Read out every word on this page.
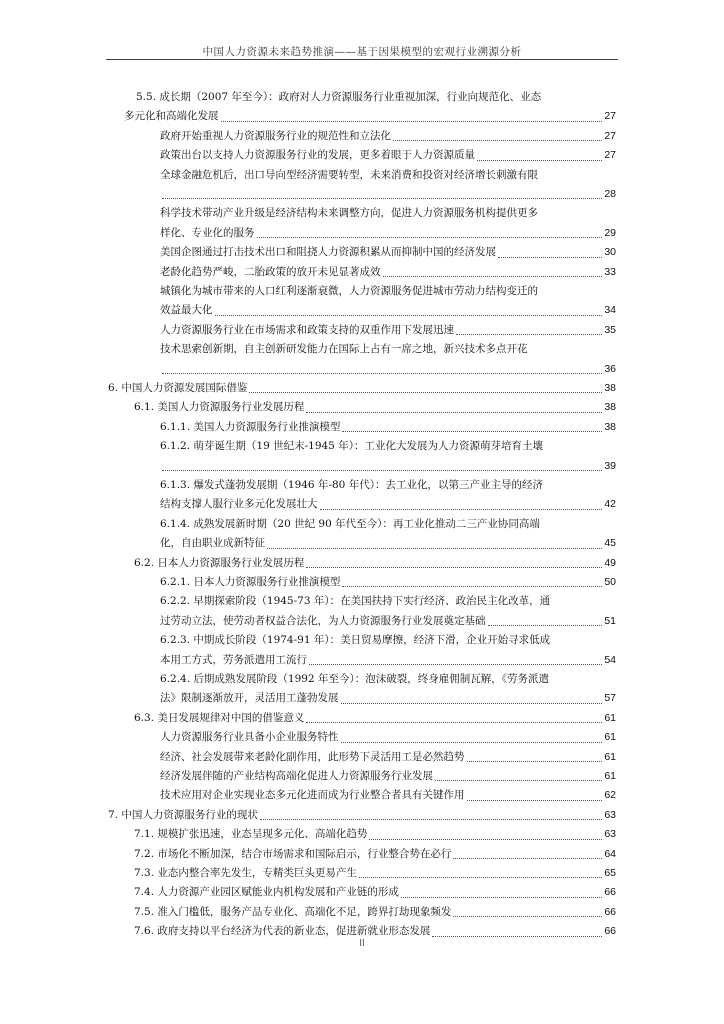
中国人力资源未来趋势推演——基于因果模型的宏观行业溯源分析
5.5. 成长期（2007 年至今）：政府对人力资源服务行业重视加深，行业向规范化、业态
多元化和高端化发展	27
政府开始重视人力资源服务行业的规范性和立法化	27
政策出台以支持人力资源服务行业的发展，更多着眼于人力资源质量	27
全球金融危机后，出口导向型经济需要转型，未来消费和投资对经济增长刺激有限
28
科学技术带动产业升级是经济结构未来调整方向，促进人力资源服务机构提供更多
样化、专业化的服务	29
美国企图通过打击技术出口和阻挠人力资源积累从而抑制中国的经济发展	30
老龄化趋势严峻，二胎政策的放开未见显著成效	33
城镇化为城市带来的人口红利逐渐衰微，人力资源服务促进城市劳动力结构变迁的
效益最大化	34
人力资源服务行业在市场需求和政策支持的双重作用下发展迅速	35
技术思索创新期，自主创新研发能力在国际上占有一席之地，新兴技术多点开花
36
6. 中国人力资源发展国际借鉴	38
6.1. 美国人力资源服务行业发展历程	38
6.1.1. 美国人力资源服务行业推演模型	38
6.1.2. 萌芽诞生期（19 世纪末-1945 年）：工业化大发展为人力资源萌芽培育土壤
39
6.1.3. 爆发式蓬勃发展期（1946 年-80 年代）：去工业化，以第三产业主导的经济
结构支撑人服行业多元化发展壮大	42
6.1.4. 成熟发展新时期（20 世纪 90 年代至今）：再工业化推动二三产业协同高端
化，自由职业成新特征	45
6.2. 日本人力资源服务行业发展历程	49
6.2.1. 日本人力资源服务行业推演模型	50
6.2.2. 早期探索阶段（1945-73 年）：在美国扶持下实行经济、政治民主化改革，通
过劳动立法，使劳动者权益合法化，为人力资源服务行业发展奠定基础	51
6.2.3. 中期成长阶段（1974-91 年）：美日贸易摩擦，经济下滑，企业开始寻求低成
本用工方式，劳务派遣用工流行	54
6.2.4. 后期成熟发展阶段（1992 年至今）：泡沫破裂，终身雇佣制瓦解，《劳务派遣
法》限制逐渐放开，灵活用工蓬勃发展	57
6.3. 美日发展规律对中国的借鉴意义	61
人力资源服务行业具备小企业服务特性	61
经济、社会发展带来老龄化副作用，此形势下灵活用工是必然趋势	61
经济发展伴随的产业结构高端化促进人力资源服务行业发展	61
技术应用对企业实现业态多元化进而成为行业整合者具有关键作用	62
7. 中国人力资源服务行业的现状	63
7.1. 规模扩张迅速，业态呈现多元化、高端化趋势	63
7.2. 市场化不断加深，结合市场需求和国际启示，行业整合势在必行	64
7.3. 业态内整合率先发生，专精类巨头更易产生	65
7.4. 人力资源产业园区赋能业内机构发展和产业链的形成	66
7.5. 准入门槛低，服务产品专业化、高端化不足，跨界打劫现象频发	66
7.6. 政府支持以平台经济为代表的新业态，促进新就业形态发展	66
II
